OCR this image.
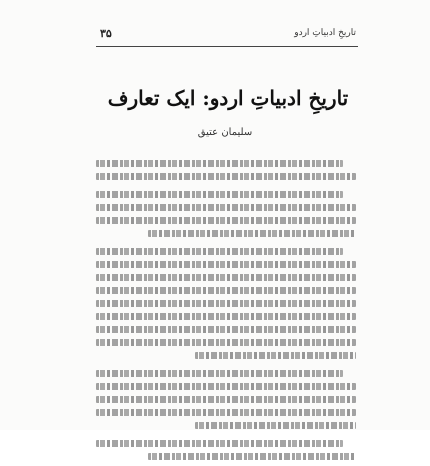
تاریخِ ادبیاتِ اردو
۳۵
تاریخِ ادبیاتِ اردو: ایک تعارف
سلیمان عتیق
